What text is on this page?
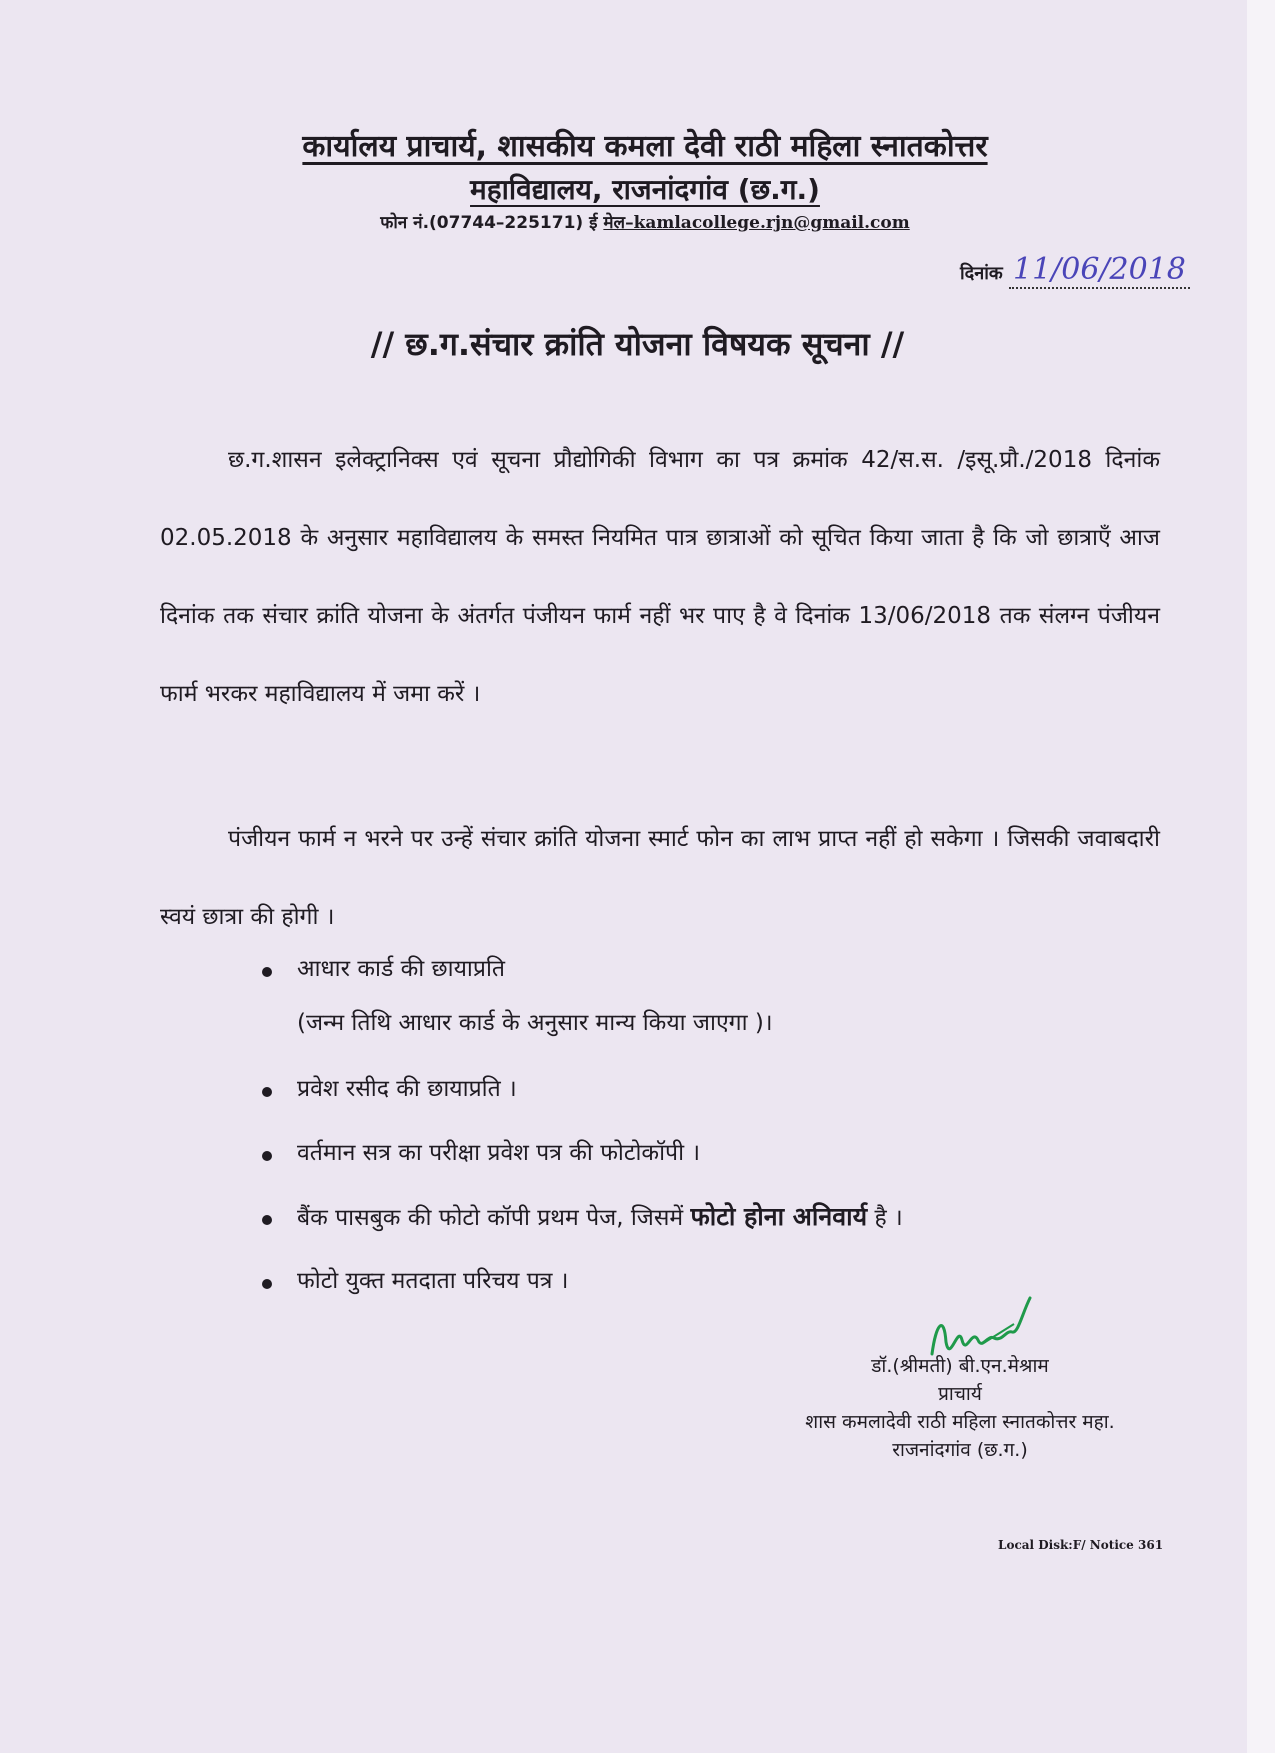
कार्यालय प्राचार्य, शासकीय कमला देवी राठी महिला स्नातकोत्तर
महाविद्यालय, राजनांदगांव (छ.ग.)
फोन नं.(07744–225171) ई मेल–kamlacollege.rjn@gmail.com
दिनांक 11/06/2018
// छ.ग.संचार क्रांति योजना विषयक सूचना //
छ.ग.शासन इलेक्ट्रानिक्स एवं सूचना प्रौद्योगिकी विभाग का पत्र क्रमांक 42/स.स. /इसू.प्रौ./2018 दिनांक 02.05.2018 के अनुसार महाविद्यालय के समस्त नियमित पात्र छात्राओं को सूचित किया जाता है कि जो छात्राएँ आज दिनांक तक संचार क्रांति योजना के अंतर्गत पंजीयन फार्म नहीं भर पाए है वे दिनांक 13/06/2018 तक संलग्न पंजीयन फार्म भरकर महाविद्यालय में जमा करें ।
पंजीयन फार्म न भरने पर उन्हें संचार क्रांति योजना स्मार्ट फोन का लाभ प्राप्त नहीं हो सकेगा । जिसकी जवाबदारी स्वयं छात्रा की होगी ।
आधार कार्ड की छायाप्रति
(जन्म तिथि आधार कार्ड के अनुसार मान्य किया जाएगा )।
प्रवेश रसीद की छायाप्रति ।
वर्तमान सत्र का परीक्षा प्रवेश पत्र की फोटोकॉपी ।
बैंक पासबुक की फोटो कॉपी प्रथम पेज, जिसमें फोटो होना अनिवार्य है ।
फोटो युक्त मतदाता परिचय पत्र ।
डॉ.(श्रीमती) बी.एन.मेश्राम
प्राचार्य
शास कमलादेवी राठी महिला स्नातकोत्तर महा.
राजनांदगांव (छ.ग.)
Local Disk:F/ Notice 361
